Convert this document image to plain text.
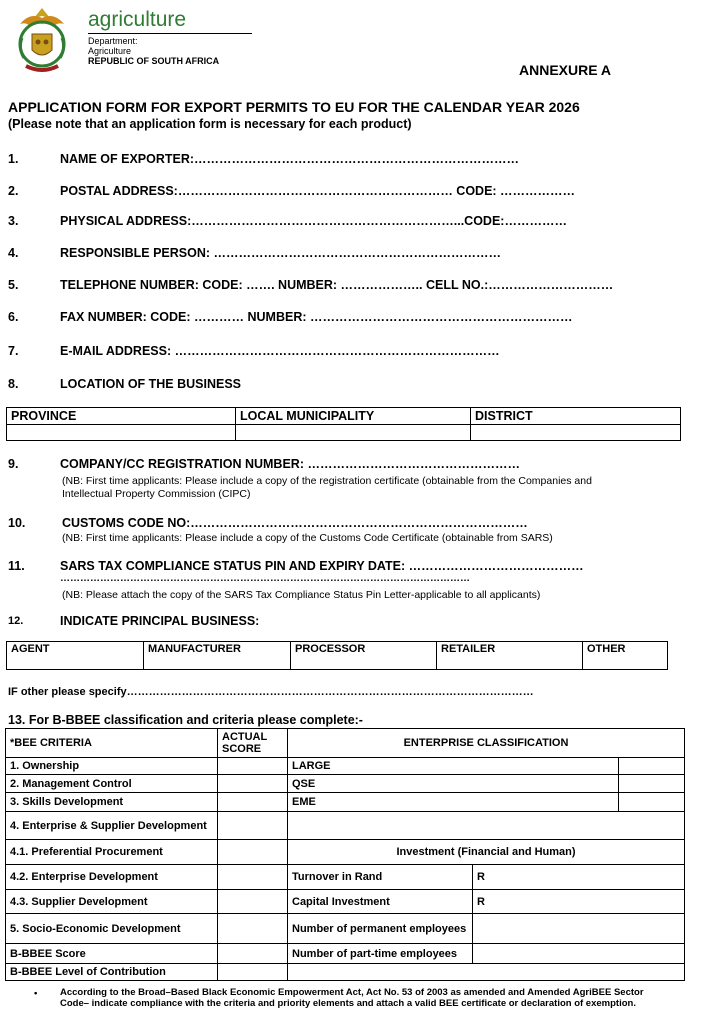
agriculture
Department:
Agriculture
REPUBLIC OF SOUTH AFRICA
ANNEXURE A
APPLICATION FORM FOR EXPORT PERMITS TO EU FOR THE CALENDAR YEAR 2026
(Please note that an application form is necessary for each product)
1.	NAME OF EXPORTER:……………………………………………………………………
2.	POSTAL ADDRESS:………………………………………………………… CODE: ………………
3.	PHYSICAL ADDRESS:………………………………………………………...CODE:……………
4.	RESPONSIBLE PERSON: ……………………………………………………………
5.	TELEPHONE NUMBER: CODE: ……. NUMBER: ……………….. CELL NO.:…………………………
6.	FAX NUMBER: CODE: ………… NUMBER: ………………………………………………………
7.	E-MAIL ADDRESS: ……………………………………………………………………
8.	LOCATION OF THE BUSINESS
PROVINCE	LOCAL MUNICIPALITY	DISTRICT

9.	COMPANY/CC REGISTRATION NUMBER: ……………………………………………
(NB: First time applicants: Please include a copy of the registration certificate (obtainable from the Companies and
Intellectual Property Commission (CIPC)
10.	CUSTOMS CODE NO:………………………………………………………………………
(NB: First time applicants: Please include a copy of the Customs Code Certificate (obtainable from SARS)
11.	SARS TAX COMPLIANCE STATUS PIN AND EXPIRY DATE: ……………………………………
……………………………………………………………………………………………………………
(NB: Please attach the copy of the SARS Tax Compliance Status Pin Letter-applicable to all applicants)
12.	INDICATE PRINCIPAL BUSINESS:
AGENT	MANUFACTURER	PROCESSOR	RETAILER	OTHER
IF other please specify…………………………………………………………………………………………………
13. For B-BBEE classification and criteria please complete:-
*BEE CRITERIA	ACTUAL SCORE	ENTERPRISE CLASSIFICATION		
1. Ownership		LARGE		
2. Management Control		QSE		
3. Skills Development		EME		
4. Enterprise & Supplier Development				
4.1. Preferential Procurement		Investment (Financial and Human)		
4.2. Enterprise Development		Turnover in Rand	R	
4.3. Supplier Development		Capital Investment	R	
5. Socio-Economic Development		Number of permanent employees		
B-BBEE Score		Number of part-time employees		
B-BBEE Level of Contribution				
• According to the Broad–Based Black Economic Empowerment Act, Act No. 53 of 2003 as amended and Amended AgriBEE Sector Code– indicate compliance with the criteria and priority elements and attach a valid BEE certificate or declaration of exemption.
